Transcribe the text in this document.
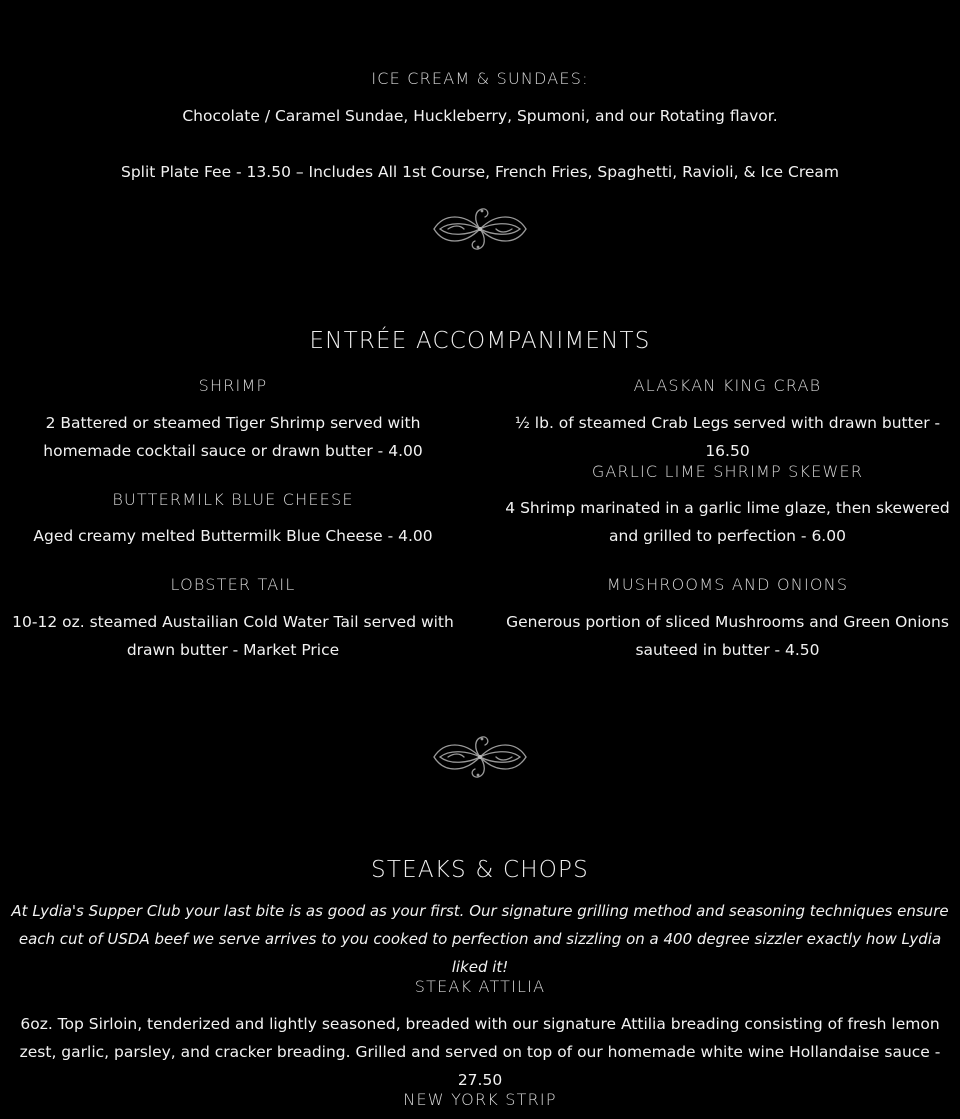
ICE CREAM & SUNDAES:

Chocolate / Caramel Sundae, Huckleberry, Spumoni, and our Rotating flavor.

Split Plate Fee - 13.50 – Includes All 1st Course, French Fries, Spaghetti, Ravioli, & Ice Cream

ENTRÉE ACCOMPANIMENTS

SHRIMP

2 Battered or steamed Tiger Shrimp served with homemade cocktail sauce or drawn butter - 4.00

BUTTERMILK BLUE CHEESE

Aged creamy melted Buttermilk Blue Cheese - 4.00

LOBSTER TAIL

10-12 oz. steamed Austailian Cold Water Tail served with drawn butter - Market Price

ALASKAN KING CRAB

½ lb. of steamed Crab Legs served with drawn butter - 16.50

GARLIC LIME SHRIMP SKEWER

4 Shrimp marinated in a garlic lime glaze, then skewered and grilled to perfection - 6.00

MUSHROOMS AND ONIONS

Generous portion of sliced Mushrooms and Green Onions sauteed in butter - 4.50

STEAKS & CHOPS

At Lydia's Supper Club your last bite is as good as your first. Our signature grilling method and seasoning techniques ensure each cut of USDA beef we serve arrives to you cooked to perfection and sizzling on a 400 degree sizzler exactly how Lydia liked it!

STEAK ATTILIA

6oz. Top Sirloin, tenderized and lightly seasoned, breaded with our signature Attilia breading consisting of fresh lemon zest, garlic, parsley, and cracker breading. Grilled and served on top of our homemade white wine Hollandaise sauce - 27.50

NEW YORK STRIP
